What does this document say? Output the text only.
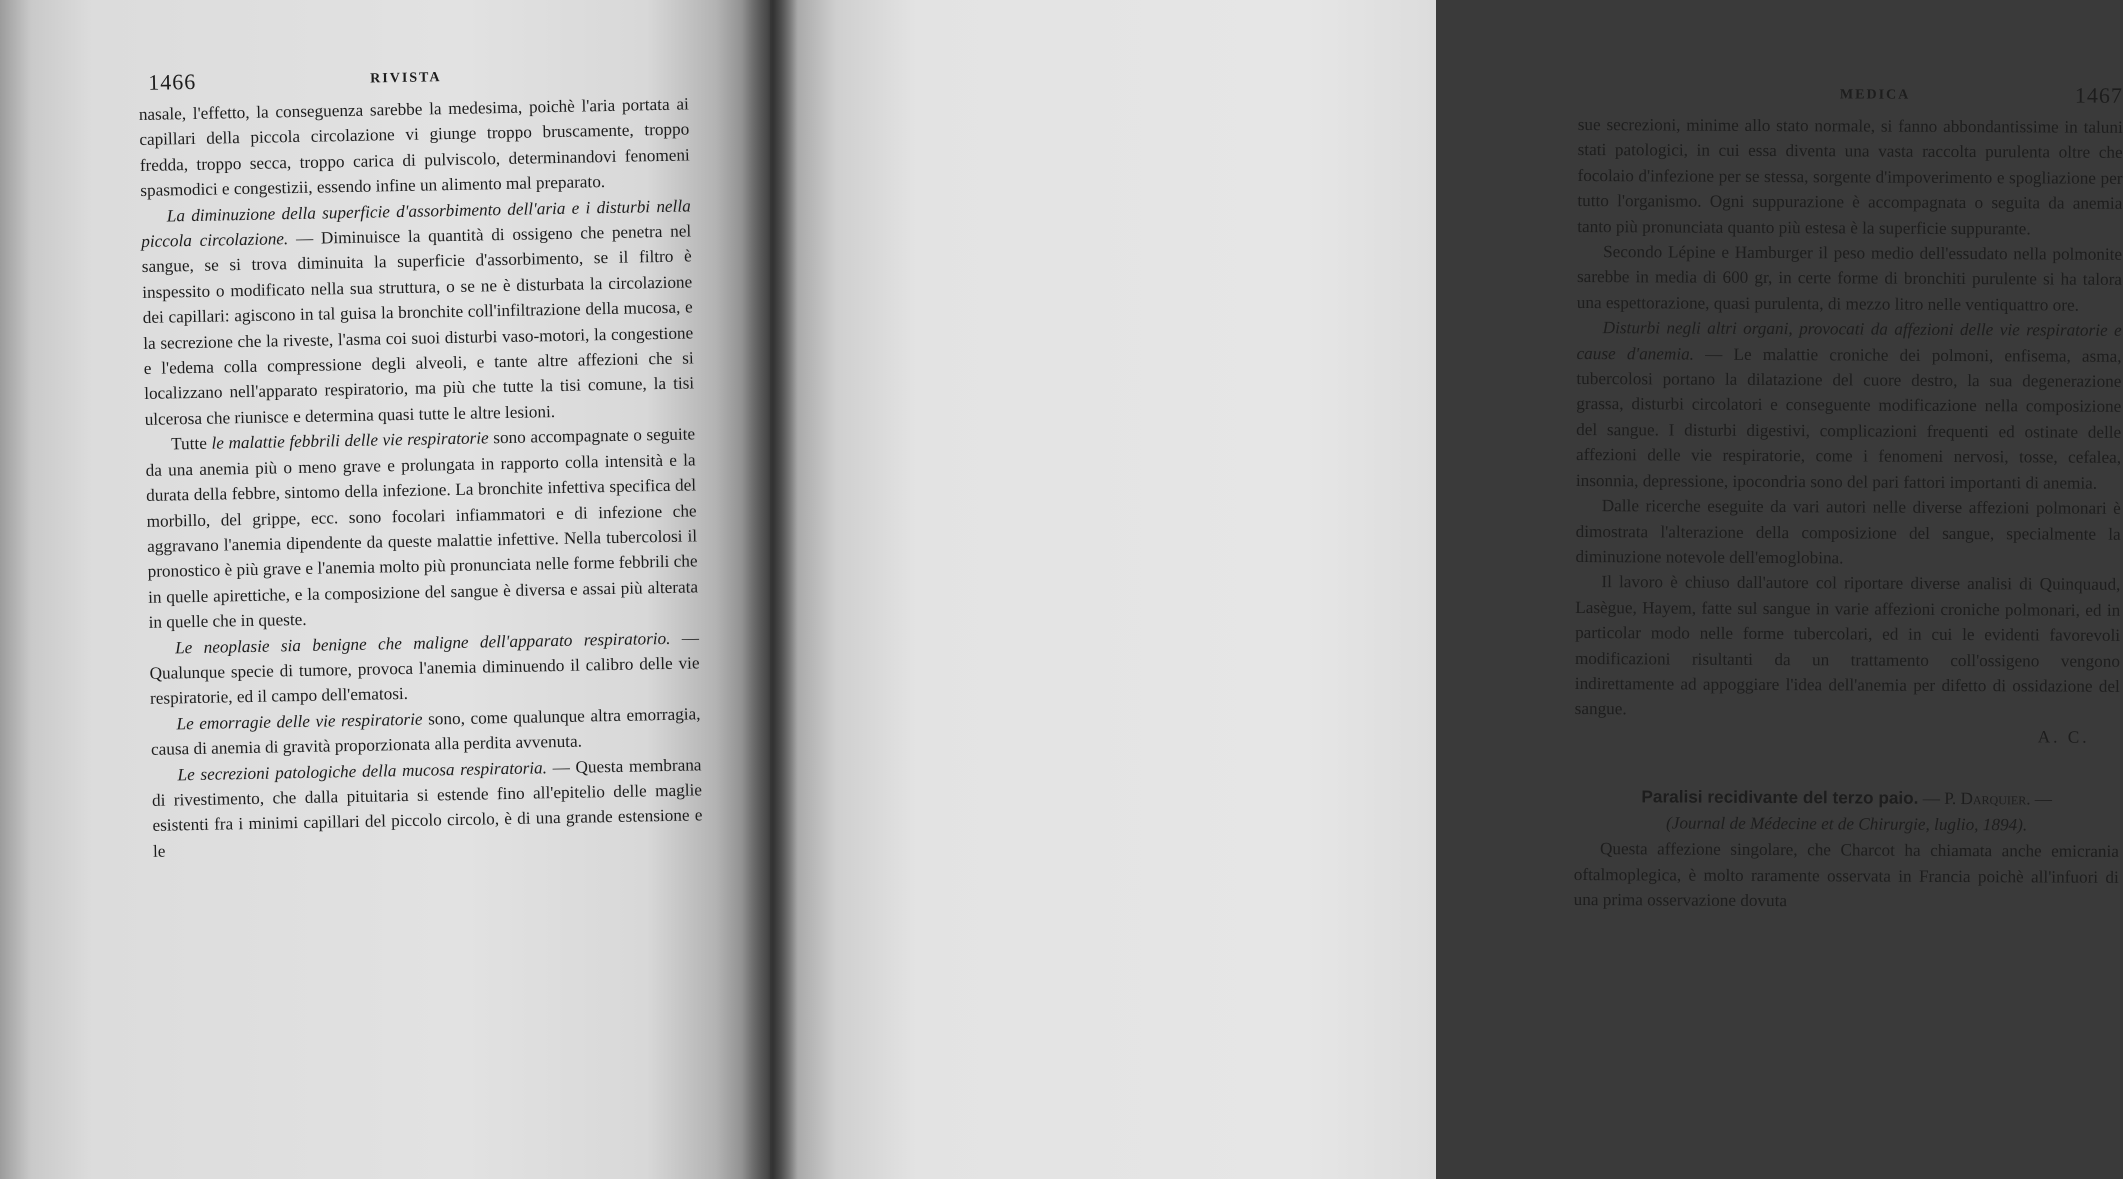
1466	RIVISTA

nasale, l'effetto, la conseguenza sarebbe la medesima, poichè l'aria portata ai capillari della piccola circolazione vi giunge troppo bruscamente, troppo fredda, troppo secca, troppo carica di pulviscolo, determinandovi fenomeni spasmodici e congestizii, essendo infine un alimento mal preparato.

La diminuzione della superficie d'assorbimento dell'aria e i disturbi nella piccola circolazione. — Diminuisce la quantità di ossigeno che penetra nel sangue, se si trova diminuita la superficie d'assorbimento, se il filtro è inspessito o modificato nella sua struttura, o se ne è disturbata la circolazione dei capillari: agiscono in tal guisa la bronchite coll'infiltrazione della mucosa, e la secrezione che la riveste, l'asma coi suoi disturbi vaso-motori, la congestione e l'edema colla compressione degli alveoli, e tante altre affezioni che si localizzano nell'apparato respiratorio, ma più che tutte la tisi comune, la tisi ulcerosa che riunisce e determina quasi tutte le altre lesioni.

Tutte le malattie febbrili delle vie respiratorie sono accompagnate o seguite da una anemia più o meno grave e prolungata in rapporto colla intensità e la durata della febbre, sintomo della infezione. La bronchite infettiva specifica del morbillo, del grippe, ecc. sono focolari infiammatori e di infezione che aggravano l'anemia dipendente da queste malattie infettive. Nella tubercolosi il pronostico è più grave e l'anemia molto più pronunciata nelle forme febbrili che in quelle apirettiche, e la composizione del sangue è diversa e assai più alterata in quelle che in queste.

Le neoplasie sia benigne che maligne dell'apparato respiratorio. — Qualunque specie di tumore, provoca l'anemia diminuendo il calibro delle vie respiratorie, ed il campo dell'ematosi.

Le emorragie delle vie respiratorie sono, come qualunque altra emorragia, causa di anemia di gravità proporzionata alla perdita avvenuta.

Le secrezioni patologiche della mucosa respiratoria. — Questa membrana di rivestimento, che dalla pituitaria si estende fino all'epitelio delle maglie esistenti fra i minimi capillari del piccolo circolo, è di una grande estensione e le

MEDICA	1467

sue secrezioni, minime allo stato normale, si fanno abbondantissime in taluni stati patologici, in cui essa diventa una vasta raccolta purulenta oltre che focolaio d'infezione per se stessa, sorgente d'impoverimento e spogliazione per tutto l'organismo. Ogni suppurazione è accompagnata o seguita da anemia tanto più pronunciata quanto più estesa è la superficie suppurante.

Secondo Lépine e Hamburger il peso medio dell'essudato nella polmonite sarebbe in media di 600 gr, in certe forme di bronchiti purulente si ha talora una espettorazione, quasi purulenta, di mezzo litro nelle ventiquattro ore.

Disturbi negli altri organi, provocati da affezioni delle vie respiratorie e cause d'anemia. — Le malattie croniche dei polmoni, enfisema, asma, tubercolosi portano la dilatazione del cuore destro, la sua degenerazione grassa, disturbi circolatori e conseguente modificazione nella composizione del sangue. I disturbi digestivi, complicazioni frequenti ed ostinate delle affezioni delle vie respiratorie, come i fenomeni nervosi, tosse, cefalea, insonnia, depressione, ipocondria sono del pari fattori importanti di anemia.

Dalle ricerche eseguite da vari autori nelle diverse affezioni polmonari è dimostrata l'alterazione della composizione del sangue, specialmente la diminuzione notevole dell'emoglobina.

Il lavoro è chiuso dall'autore col riportare diverse analisi di Quinquaud, Lasègue, Hayem, fatte sul sangue in varie affezioni croniche polmonari, ed in particolar modo nelle forme tubercolari, ed in cui le evidenti favorevoli modificazioni risultanti da un trattamento coll'ossigeno vengono indirettamente ad appoggiare l'idea dell'anemia per difetto di ossidazione del sangue.

A. C.

Paralisi recidivante del terzo paio. — P. Darquier. —
(Journal de Médecine et de Chirurgie, luglio, 1894).

Questa affezione singolare, che Charcot ha chiamata anche emicrania oftalmoplegica, è molto raramente osservata in Francia poichè all'infuori di una prima osservazione dovuta
